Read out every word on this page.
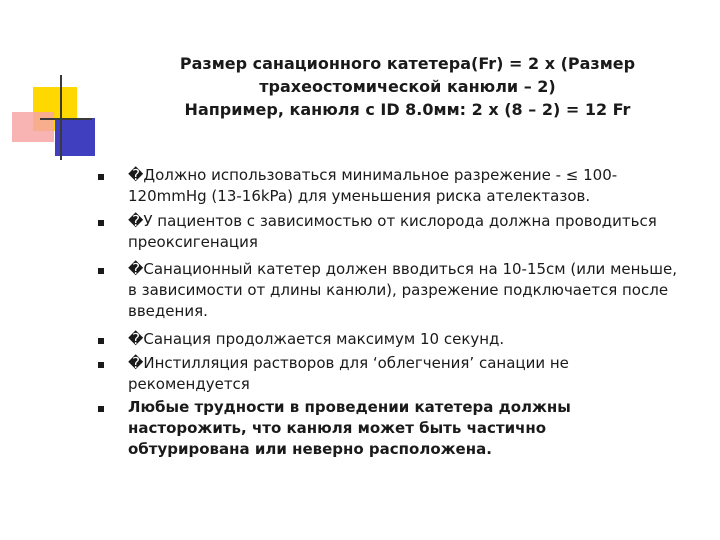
Размер санационного катетера(Fr) = 2 х (Размер
трахеостомической канюли – 2)
Например, канюля с ID 8.0мм: 2 х (8 – 2) = 12 Fr
�Должно использоваться минимальное разрежение - ≤ 100-
120mmHg (13-16kPa) для уменьшения риска ателектазов.
�У пациентов с зависимостью от кислорода должна проводиться
преоксигенация
�Санационный катетер должен вводиться на 10-15см (или меньше,
в зависимости от длины канюли), разрежение подключается после
введения.
�Санация продолжается максимум 10 секунд.
�Инстилляция растворов для ‘облегчения’ санации не
рекомендуется
Любые трудности в проведении катетера должны
насторожить, что канюля может быть частично
обтурирована или неверно расположена.
